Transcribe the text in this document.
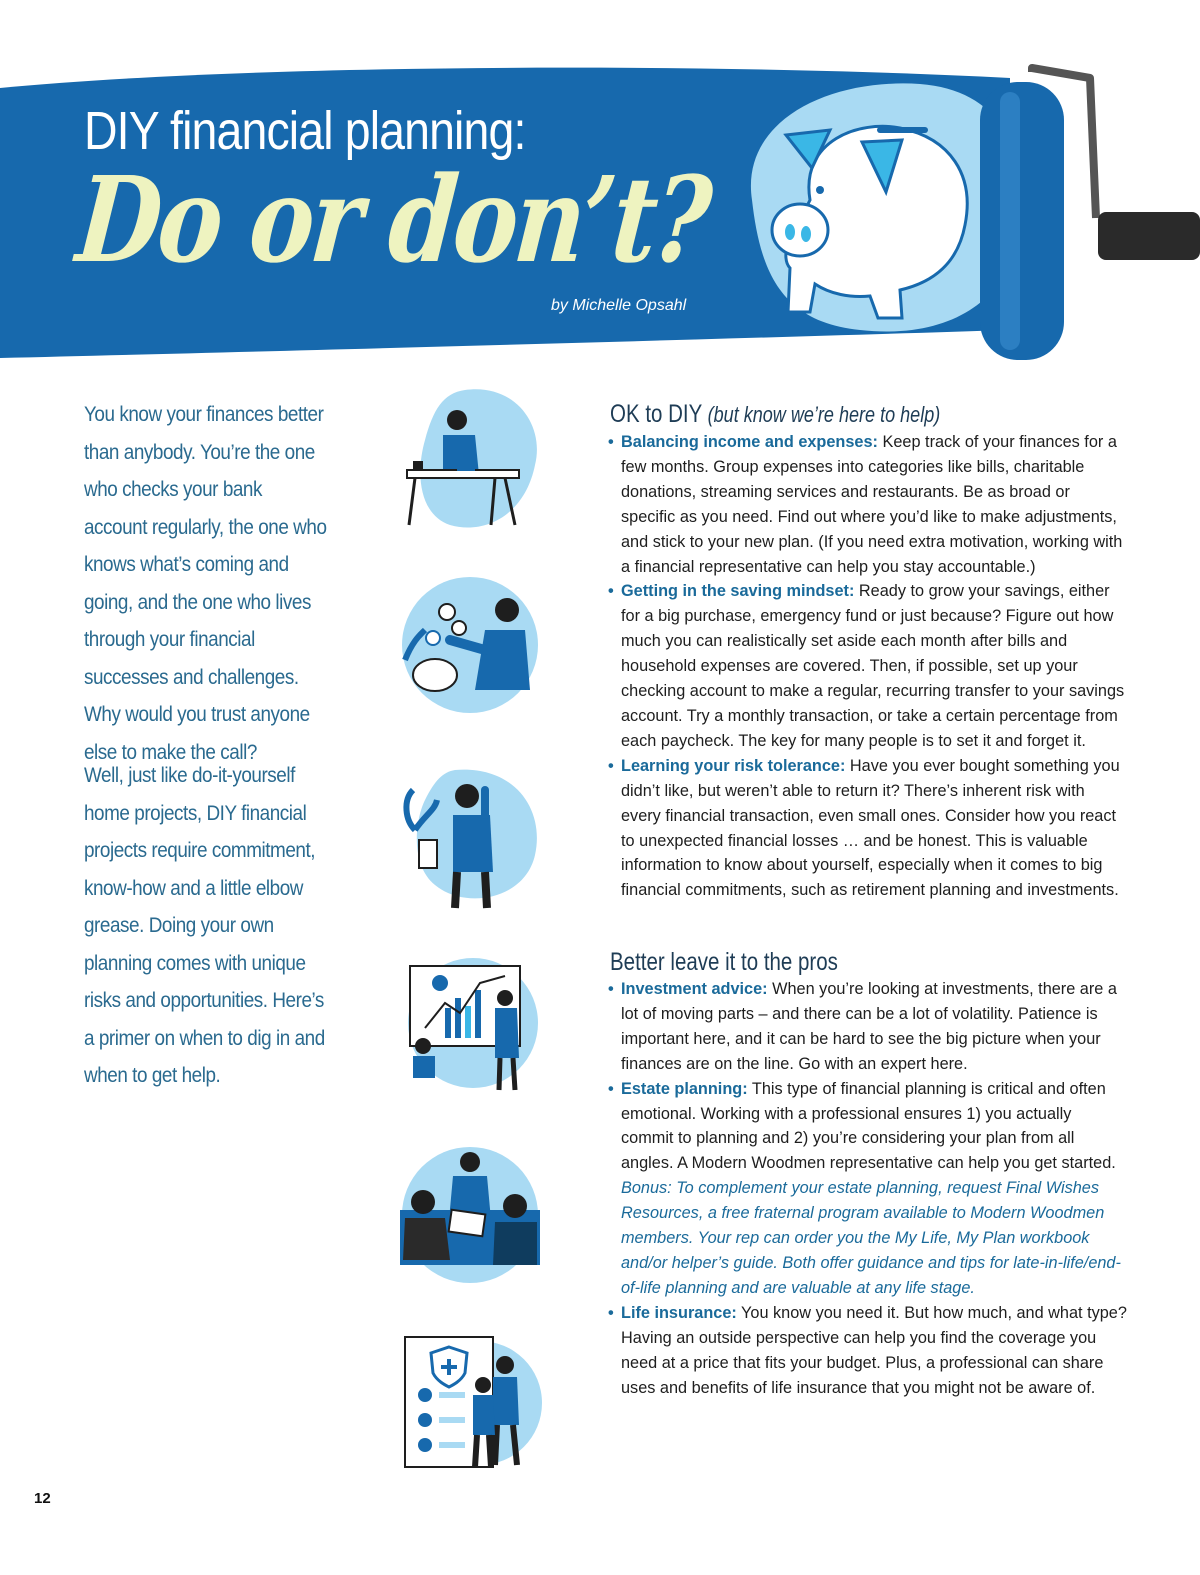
DIY financial planning:
Do or don’t?
by Michelle Opsahl
You know your finances better than anybody. You’re the one who checks your bank account regularly, the one who knows what’s coming and going, and the one who lives through your financial successes and challenges. Why would you trust anyone else to make the call?
Well, just like do-it-yourself home projects, DIY financial projects require commitment, know-how and a little elbow grease. Doing your own planning comes with unique risks and opportunities. Here’s a primer on when to dig in and when to get help.
OK to DIY (but know we’re here to help)
• Balancing income and expenses: Keep track of your finances for a few months. Group expenses into categories like bills, charitable donations, streaming services and restaurants. Be as broad or specific as you need. Find out where you’d like to make adjustments, and stick to your new plan. (If you need extra motivation, working with a financial representative can help you stay accountable.)
• Getting in the saving mindset: Ready to grow your savings, either for a big purchase, emergency fund or just because? Figure out how much you can realistically set aside each month after bills and household expenses are covered. Then, if possible, set up your checking account to make a regular, recurring transfer to your savings account. Try a monthly transaction, or take a certain percentage from each paycheck. The key for many people is to set it and forget it.
• Learning your risk tolerance: Have you ever bought something you didn’t like, but weren’t able to return it? There’s inherent risk with every financial transaction, even small ones. Consider how you react to unexpected financial losses … and be honest. This is valuable information to know about yourself, especially when it comes to big financial commitments, such as retirement planning and investments.
Better leave it to the pros
• Investment advice: When you’re looking at investments, there are a lot of moving parts – and there can be a lot of volatility. Patience is important here, and it can be hard to see the big picture when your finances are on the line. Go with an expert here.
• Estate planning: This type of financial planning is critical and often emotional. Working with a professional ensures 1) you actually commit to planning and 2) you’re considering your plan from all angles. A Modern Woodmen representative can help you get started. Bonus: To complement your estate planning, request Final Wishes Resources, a free fraternal program available to Modern Woodmen members. Your rep can order you the My Life, My Plan workbook and/or helper’s guide. Both offer guidance and tips for late-in-life/end-of-life planning and are valuable at any life stage.
• Life insurance: You know you need it. But how much, and what type? Having an outside perspective can help you find the coverage you need at a price that fits your budget. Plus, a professional can share uses and benefits of life insurance that you might not be aware of.
12
